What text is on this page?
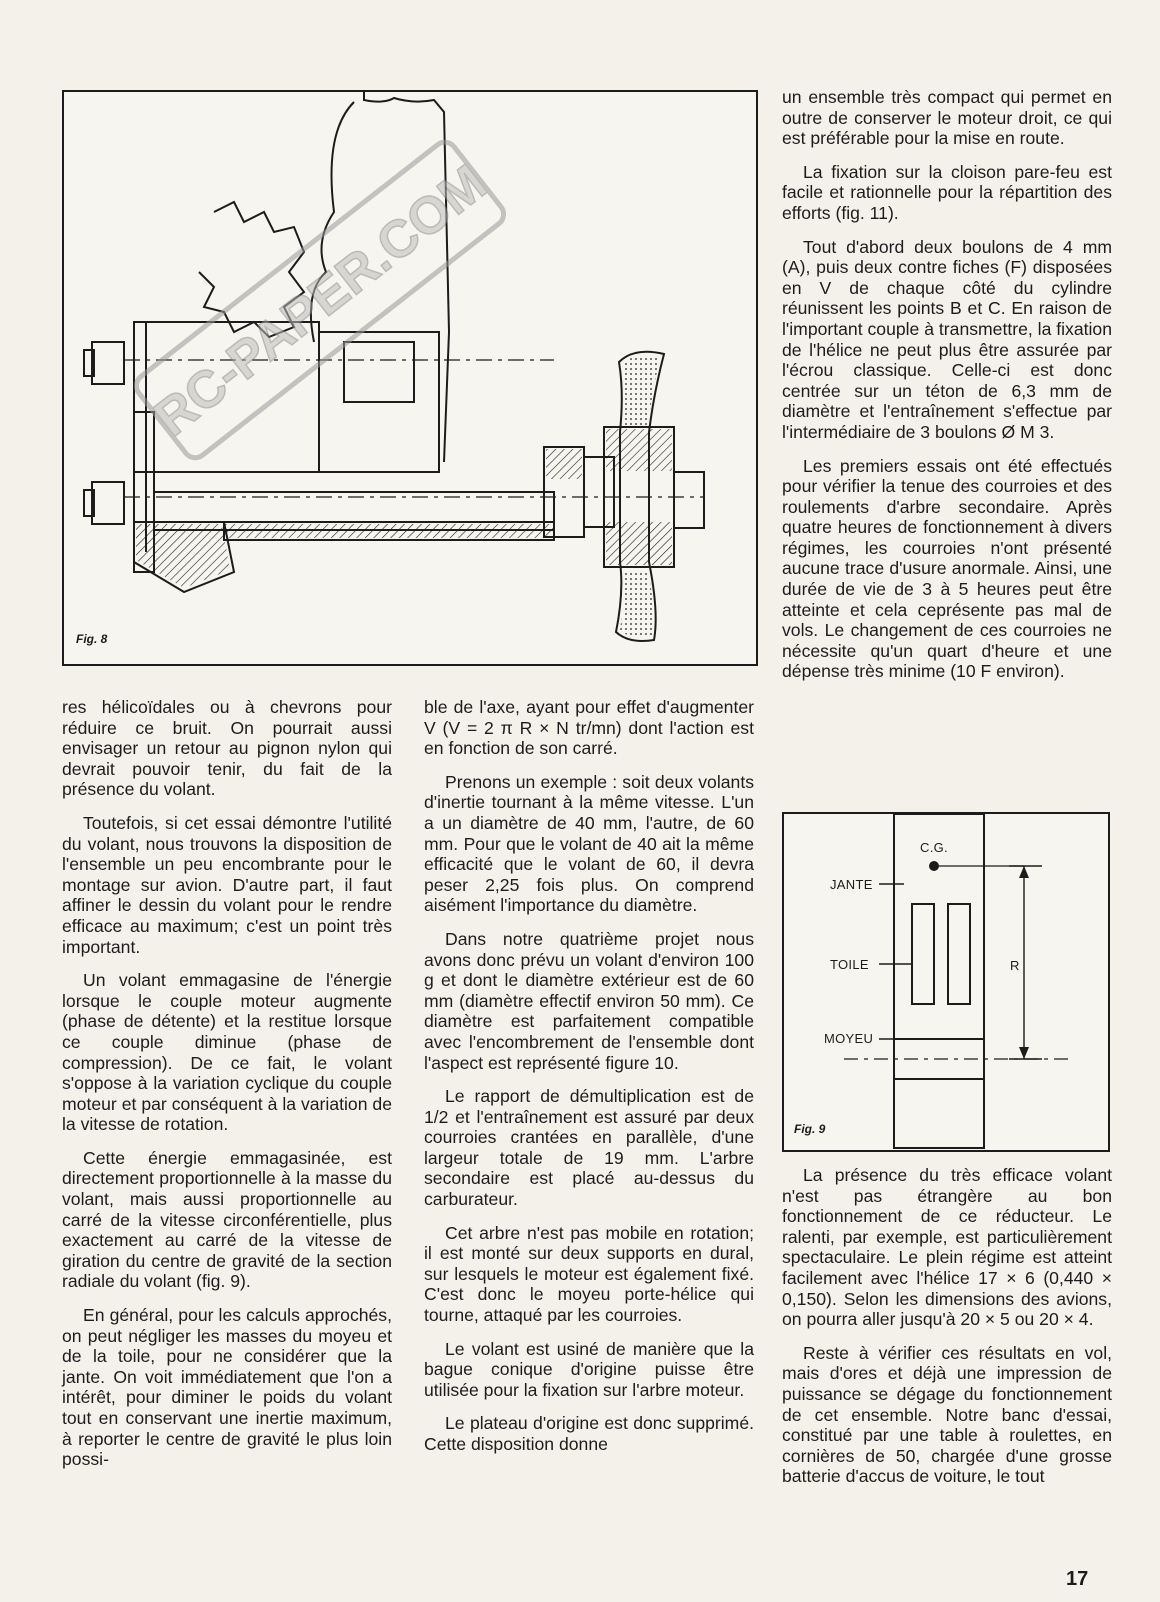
Fig. 8
RC-PAPER.COM

res hélicoïdales ou à chevrons pour réduire ce bruit. On pourrait aussi envisager un retour au pignon nylon qui devrait pouvoir tenir, du fait de la présence du volant.

Toutefois, si cet essai démontre l'utilité du volant, nous trouvons la disposition de l'ensemble un peu encombrante pour le montage sur avion. D'autre part, il faut affiner le dessin du volant pour le rendre efficace au maximum; c'est un point très important.

Un volant emmagasine de l'énergie lorsque le couple moteur augmente (phase de détente) et la restitue lorsque ce couple diminue (phase de compression). De ce fait, le volant s'oppose à la variation cyclique du couple moteur et par conséquent à la variation de la vitesse de rotation.

Cette énergie emmagasinée, est directement proportionnelle à la masse du volant, mais aussi proportionnelle au carré de la vitesse circonférentielle, plus exactement au carré de la vitesse de giration du centre de gravité de la section radiale du volant (fig. 9).

En général, pour les calculs approchés, on peut négliger les masses du moyeu et de la toile, pour ne considérer que la jante. On voit immédiatement que l'on a intérêt, pour diminer le poids du volant tout en conservant une inertie maximum, à reporter le centre de gravité le plus loin possi-

ble de l'axe, ayant pour effet d'augmenter V (V = 2 π R × N tr/mn) dont l'action est en fonction de son carré.

Prenons un exemple : soit deux volants d'inertie tournant à la même vitesse. L'un a un diamètre de 40 mm, l'autre, de 60 mm. Pour que le volant de 40 ait la même efficacité que le volant de 60, il devra peser 2,25 fois plus. On comprend aisément l'importance du diamètre.

Dans notre quatrième projet nous avons donc prévu un volant d'environ 100 g et dont le diamètre extérieur est de 60 mm (diamètre effectif environ 50 mm). Ce diamètre est parfaitement compatible avec l'encombrement de l'ensemble dont l'aspect est représenté figure 10.

Le rapport de démultiplication est de 1/2 et l'entraînement est assuré par deux courroies crantées en parallèle, d'une largeur totale de 19 mm. L'arbre secondaire est placé au-dessus du carburateur.

Cet arbre n'est pas mobile en rotation; il est monté sur deux supports en dural, sur lesquels le moteur est également fixé. C'est donc le moyeu porte-hélice qui tourne, attaqué par les courroies.

Le volant est usiné de manière que la bague conique d'origine puisse être utilisée pour la fixation sur l'arbre moteur.

Le plateau d'origine est donc supprimé. Cette disposition donne

un ensemble très compact qui permet en outre de conserver le moteur droit, ce qui est préférable pour la mise en route.

La fixation sur la cloison pare-feu est facile et rationnelle pour la répartition des efforts (fig. 11).

Tout d'abord deux boulons de 4 mm (A), puis deux contre fiches (F) disposées en V de chaque côté du cylindre réunissent les points B et C. En raison de l'important couple à transmettre, la fixation de l'hélice ne peut plus être assurée par l'écrou classique. Celle-ci est donc centrée sur un téton de 6,3 mm de diamètre et l'entraînement s'effectue par l'intermédiaire de 3 boulons Ø M 3.

Les premiers essais ont été effectués pour vérifier la tenue des courroies et des roulements d'arbre secondaire. Après quatre heures de fonctionnement à divers régimes, les courroies n'ont présenté aucune trace d'usure anormale. Ainsi, une durée de vie de 3 à 5 heures peut être atteinte et cela ceprésente pas mal de vols. Le changement de ces courroies ne nécessite qu'un quart d'heure et une dépense très minime (10 F environ).

C.G.
JANTE
TOILE
MOYEU
R
Fig. 9

La présence du très efficace volant n'est pas étrangère au bon fonctionnement de ce réducteur. Le ralenti, par exemple, est particulièrement spectaculaire. Le plein régime est atteint facilement avec l'hélice 17 × 6 (0,440 × 0,150). Selon les dimensions des avions, on pourra aller jusqu'à 20 × 5 ou 20 × 4.

Reste à vérifier ces résultats en vol, mais d'ores et déjà une impression de puissance se dégage du fonctionnement de cet ensemble. Notre banc d'essai, constitué par une table à roulettes, en cornières de 50, chargée d'une grosse batterie d'accus de voiture, le tout

17
